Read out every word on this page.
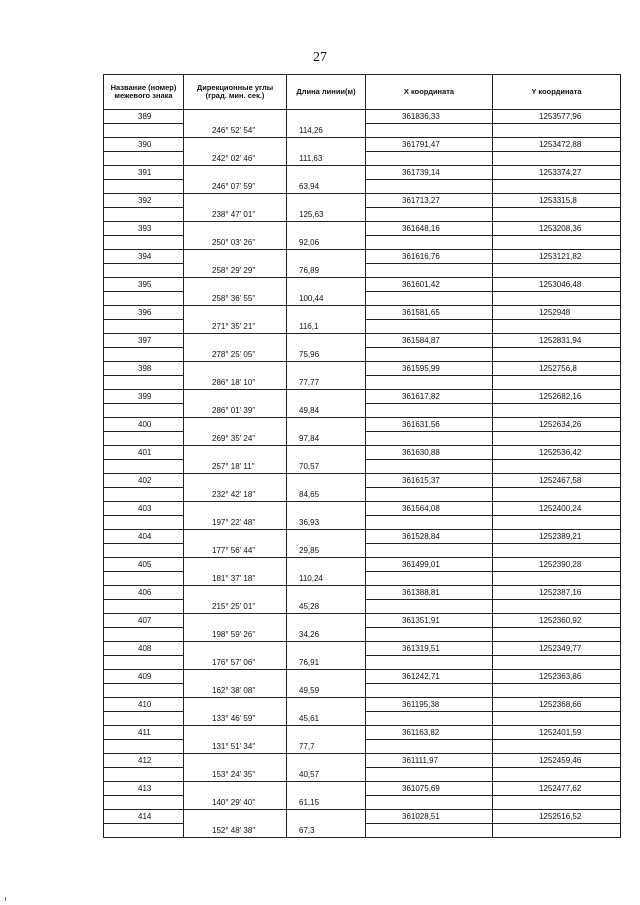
27
Название (номер) межевого знака	Дирекционные углы (град. мин. сек.)	Длина линии(м)	X координата	Y координата
389			361836,33	1253577,96
	246° 52' 54"	114,26		
390			361791,47	1253472,88
	242° 02' 46"	111,63		
391			361739,14	1253374,27
	246° 07' 59"	63,94		
392			361713,27	1253315,8
	238° 47' 01"	125,63		
393			361648,16	1253208,36
	250° 03' 26"	92,06		
394			361616,76	1253121,82
	258° 29' 29"	76,89		
395			361601,42	1253046,48
	258° 36' 55"	100,44		
396			361581,65	1252948
	271° 35' 21"	116,1		
397			361584,87	1252831,94
	278° 25' 05"	75,96		
398			361595,99	1252756,8
	286° 18' 10"	77,77		
399			361617,82	1252682,16
	286° 01' 39"	49,84		
400			361631,56	1252634,26
	269° 35' 24"	97,84		
401			361630,88	1252536,42
	257° 18' 11"	70,57		
402			361615,37	1252467,58
	232° 42' 18"	84,65		
403			361564,08	1252400,24
	197° 22' 48"	36,93		
404			361528,84	1252389,21
	177° 56' 44"	29,85		
405			361499,01	1252390,28
	181° 37' 18"	110,24		
406			361388,81	1252387,16
	215° 25' 01"	45,28		
407			361351,91	1252360,92
	198° 59' 26"	34,26		
408			361319,51	1252349,77
	176° 57' 06"	76,91		
409			361242,71	1252363,86
	162° 38' 08"	49,59		
410			361195,38	1252368,66
	133° 46' 59"	45,61		
411			361163,82	1252401,59
	131° 51' 34"	77,7		
412			361111,97	1252459,46
	153° 24' 35"	40,57		
413			361075,69	1252477,62
	140° 29' 40"	61,15		
414			361028,51	1252516,52
	152° 48' 38"	67,3		
